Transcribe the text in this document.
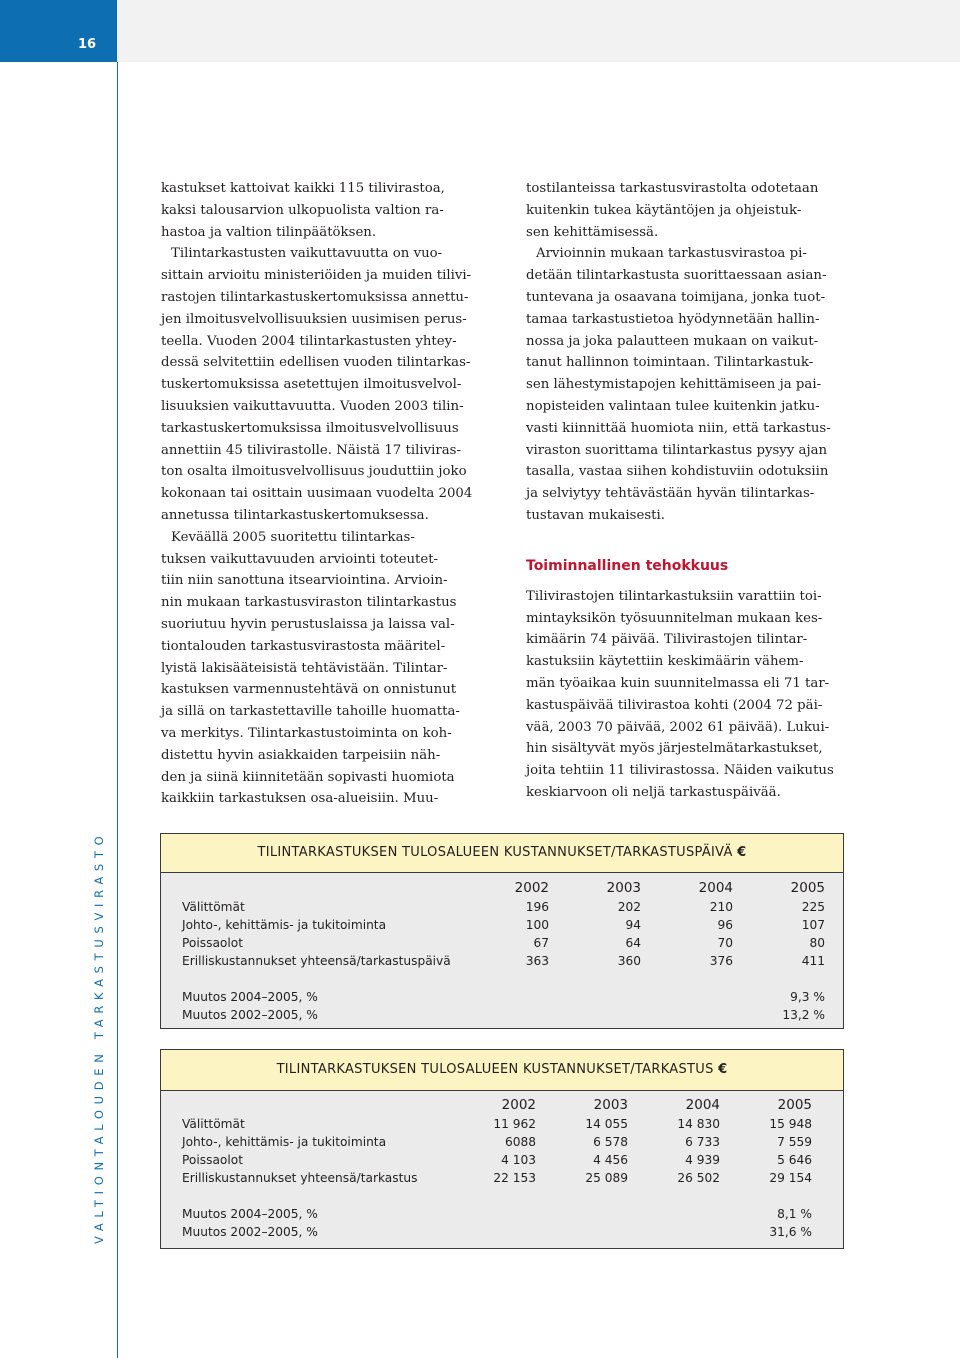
16
VALTIONTALOUDEN TARKASTUSVIRASTO

kastukset kattoivat kaikki 115 tilivirastoa,
kaksi talousarvion ulkopuolista valtion ra-
hastoa ja valtion tilinpäätöksen.

Tilintarkastusten vaikuttavuutta on vuo-
sittain arvioitu ministeriöiden ja muiden tilivi-
rastojen tilintarkastuskertomuksissa annettu-
jen ilmoitusvelvollisuuksien uusimisen perus-
teella. Vuoden 2004 tilintarkastusten yhtey-
dessä selvitettiin edellisen vuoden tilintarkas-
tuskertomuksissa asetettujen ilmoitusvelvol-
lisuuksien vaikuttavuutta. Vuoden 2003 tilin-
tarkastuskertomuksissa ilmoitusvelvollisuus
annettiin 45 tilivirastolle. Näistä 17 tiliviras-
ton osalta ilmoitusvelvollisuus jouduttiin joko
kokonaan tai osittain uusimaan vuodelta 2004
annetussa tilintarkastuskertomuksessa.

Keväällä 2005 suoritettu tilintarkas-
tuksen vaikuttavuuden arviointi toteutet-
tiin niin sanottuna itsearviointina. Arvioin-
nin mukaan tarkastusviraston tilintarkastus
suoriutuu hyvin perustuslaissa ja laissa val-
tiontalouden tarkastusvirastosta määritel-
lyistä lakisääteisistä tehtävistään. Tilintar-
kastuksen varmennustehtävä on onnistunut
ja sillä on tarkastettaville tahoille huomatta-
va merkitys. Tilintarkastustoiminta on koh-
distettu hyvin asiakkaiden tarpeisiin näh-
den ja siinä kiinnitetään sopivasti huomiota
kaikkiin tarkastuksen osa-alueisiin. Muu-

tostilanteissa tarkastusvirastolta odotetaan
kuitenkin tukea käytäntöjen ja ohjeistuk-
sen kehittämisessä.

Arvioinnin mukaan tarkastusvirastoa pi-
detään tilintarkastusta suorittaessaan asian-
tuntevana ja osaavana toimijana, jonka tuot-
tamaa tarkastustietoa hyödynnetään hallin-
nossa ja joka palautteen mukaan on vaikut-
tanut hallinnon toimintaan. Tilintarkastuk-
sen lähestymistapojen kehittämiseen ja pai-
nopisteiden valintaan tulee kuitenkin jatku-
vasti kiinnittää huomiota niin, että tarkastus-
viraston suorittama tilintarkastus pysyy ajan
tasalla, vastaa siihen kohdistuviin odotuksiin
ja selviytyy tehtävästään hyvän tilintarkas-
tustavan mukaisesti.

Toiminnallinen tehokkuus

Tilivirastojen tilintarkastuksiin varattiin toi-
mintayksikön työsuunnitelman mukaan kes-
kimäärin 74 päivää. Tilivirastojen tilintar-
kastuksiin käytettiin keskimäärin vähem-
män työaikaa kuin suunnitelmassa eli 71 tar-
kastuspäivää tilivirastoa kohti (2004 72 päi-
vää, 2003 70 päivää, 2002 61 päivää). Lukui-
hin sisältyvät myös järjestelmätarkastukset,
joita tehtiin 11 tilivirastossa. Näiden vaikutus
keskiarvoon oli neljä tarkastuspäivää.

TILINTARKASTUKSEN TULOSALUEEN KUSTANNUKSET/TARKASTUSPÄIVÄ €
	2002	2003	2004	2005
Välittömät	196	202	210	225
Johto-, kehittämis- ja tukitoiminta	100	94	96	107
Poissaolot	67	64	70	80
Erilliskustannukset yhteensä/tarkastuspäivä	363	360	376	411

Muutos 2004–2005, %				9,3 %
Muutos 2002–2005, %				13,2 %
TILINTARKASTUKSEN TULOSALUEEN KUSTANNUKSET/TARKASTUS €
	2002	2003	2004	2005
Välittömät	11 962	14 055	14 830	15 948
Johto-, kehittämis- ja tukitoiminta	6088	6 578	6 733	7 559
Poissaolot	4 103	4 456	4 939	5 646
Erilliskustannukset yhteensä/tarkastus	22 153	25 089	26 502	29 154

Muutos 2004–2005, %				8,1 %
Muutos 2002–2005, %				31,6 %
